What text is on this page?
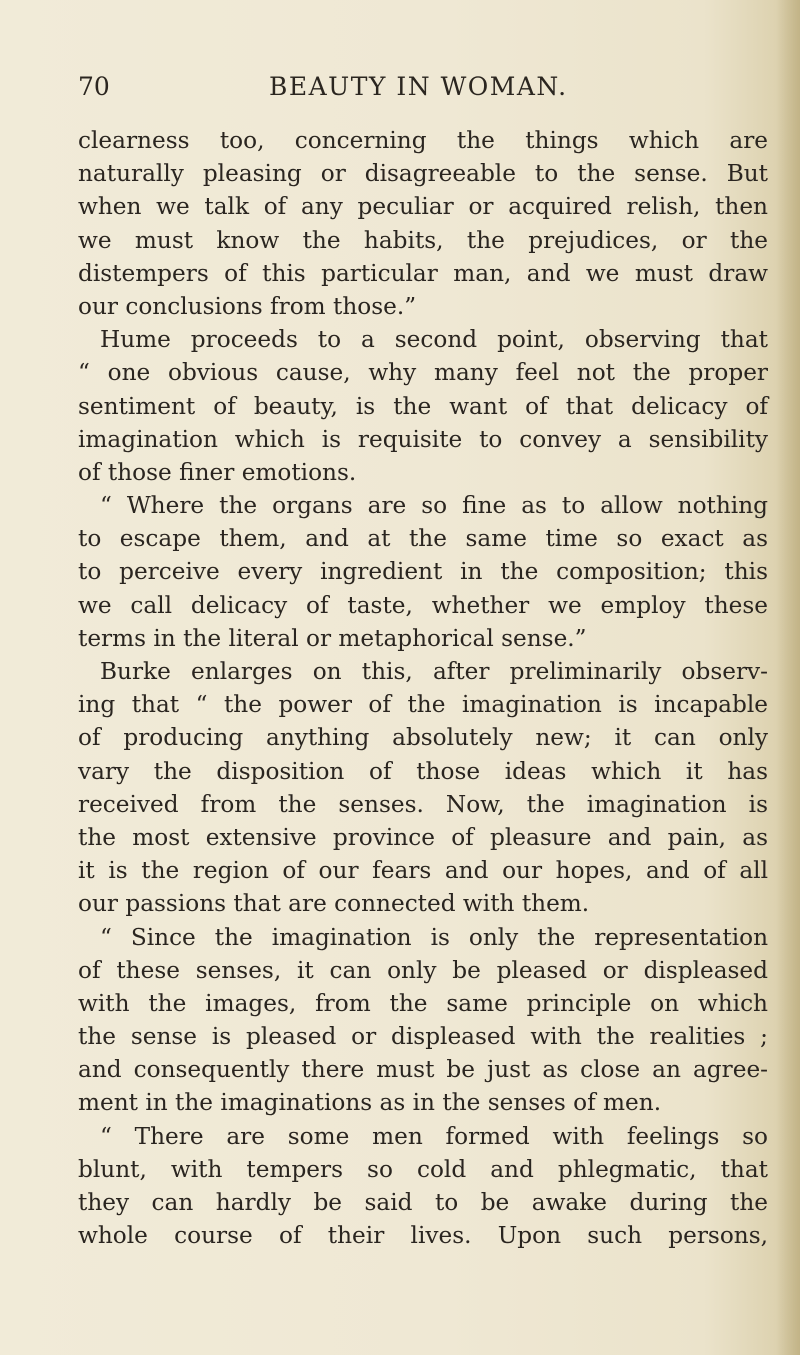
70	BEAUTY IN WOMAN.
clearness too, concerning the things which are
naturally pleasing or disagreeable to the sense. But
when we talk of any peculiar or acquired relish, then
we must know the habits, the prejudices, or the
distempers of this particular man, and we must draw
our conclusions from those.”
Hume proceeds to a second point, observing that
“ one obvious cause, why many feel not the proper
sentiment of beauty, is the want of that delicacy of
imagination which is requisite to convey a sensibility
of those finer emotions.
“ Where the organs are so fine as to allow nothing
to escape them, and at the same time so exact as
to perceive every ingredient in the composition; this
we call delicacy of taste, whether we employ these
terms in the literal or metaphorical sense.”
Burke enlarges on this, after preliminarily observ-
ing that “ the power of the imagination is incapable
of producing anything absolutely new; it can only
vary the disposition of those ideas which it has
received from the senses. Now, the imagination is
the most extensive province of pleasure and pain, as
it is the region of our fears and our hopes, and of all
our passions that are connected with them.
“ Since the imagination is only the representation
of these senses, it can only be pleased or displeased
with the images, from the same principle on which
the sense is pleased or displeased with the realities ;
and consequently there must be just as close an agree-
ment in the imaginations as in the senses of men.
“ There are some men formed with feelings so
blunt, with tempers so cold and phlegmatic, that
they can hardly be said to be awake during the
whole course of their lives. Upon such persons,
